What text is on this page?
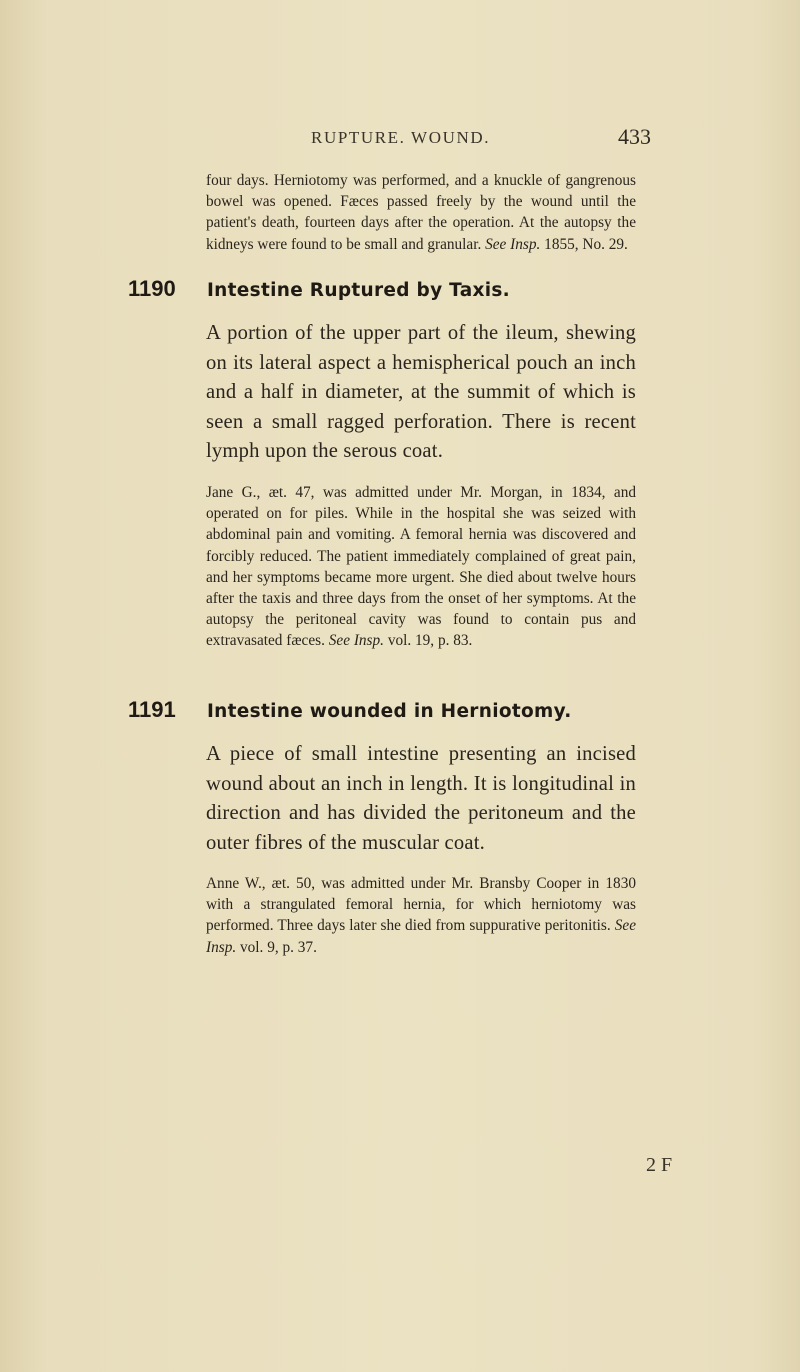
RUPTURE. WOUND.	433

four days. Herniotomy was performed, and a knuckle of gangrenous bowel was opened. Fæces passed freely by the wound until the patient's death, fourteen days after the operation. At the autopsy the kidneys were found to be small and granular. See Insp. 1855, No. 29.

1190 Intestine Ruptured by Taxis.

A portion of the upper part of the ileum, shewing on its lateral aspect a hemispherical pouch an inch and a half in diameter, at the summit of which is seen a small ragged perforation. There is recent lymph upon the serous coat.

Jane G., æt. 47, was admitted under Mr. Morgan, in 1834, and operated on for piles. While in the hospital she was seized with abdominal pain and vomiting. A femoral hernia was discovered and forcibly reduced. The patient immediately complained of great pain, and her symptoms became more urgent. She died about twelve hours after the taxis and three days from the onset of her symptoms. At the autopsy the peritoneal cavity was found to contain pus and extravasated fæces. See Insp. vol. 19, p. 83.

1191 Intestine wounded in Herniotomy.

A piece of small intestine presenting an incised wound about an inch in length. It is longitudinal in direction and has divided the peritoneum and the outer fibres of the muscular coat.

Anne W., æt. 50, was admitted under Mr. Bransby Cooper in 1830 with a strangulated femoral hernia, for which herniotomy was performed. Three days later she died from suppurative peritonitis. See Insp. vol. 9, p. 37.

2 F
